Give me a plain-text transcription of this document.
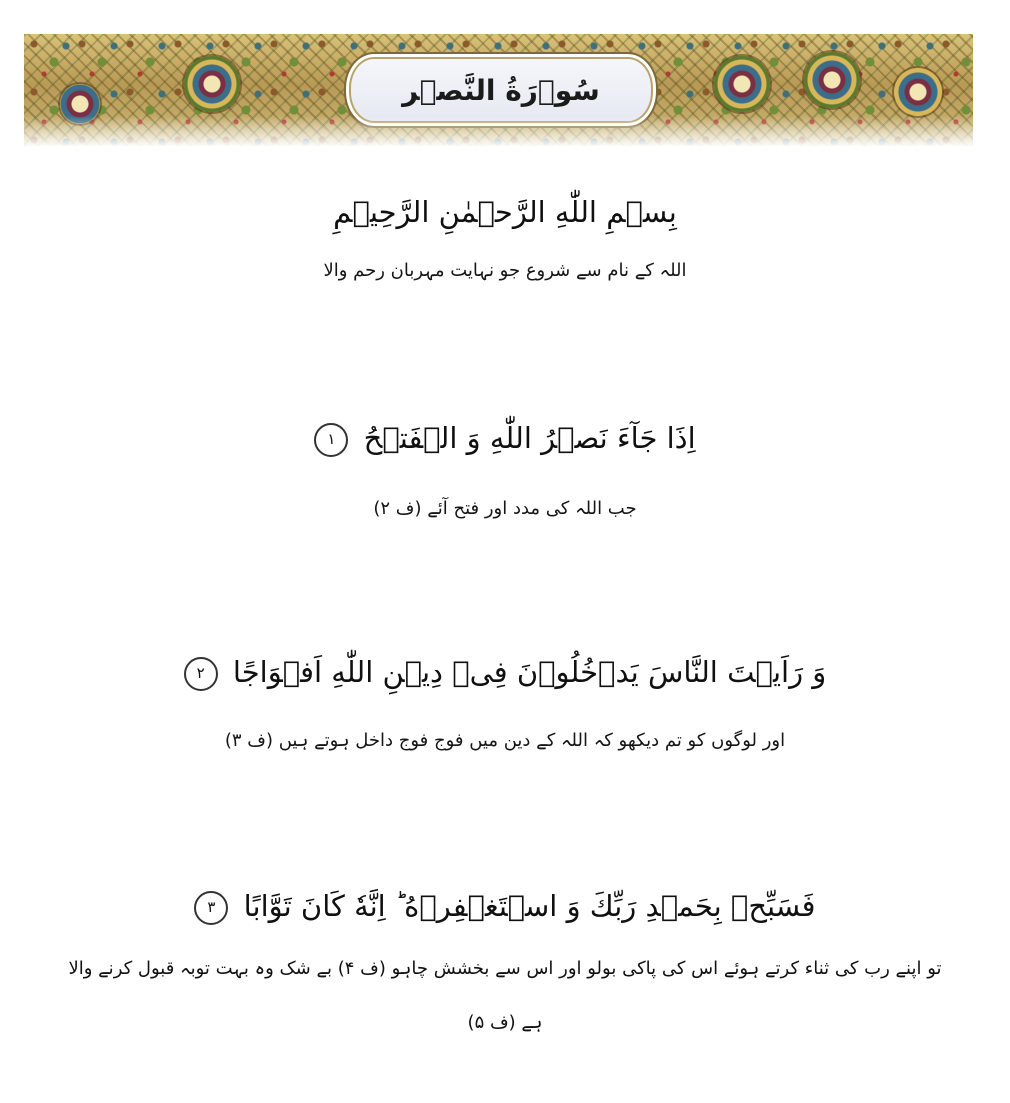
سُوۡرَةُ النَّصۡر
بِسۡمِ اللّٰهِ الرَّحۡمٰنِ الرَّحِیۡمِ
اللہ کے نام سے شروع جو نہایت مہربان رحم والا
اِذَا جَآءَ نَصۡرُ اللّٰهِ وَ الۡفَتۡحُ ۱
جب اللہ کی مدد اور فتح آئے (ف ۲)
وَ رَاَیۡتَ النَّاسَ یَدۡخُلُوۡنَ فِیۡ دِیۡنِ اللّٰهِ اَفۡوَاجًا ۲
اور لوگوں کو تم دیکھو کہ اللہ کے دین میں فوج فوج داخل ہوتے ہیں (ف ۳)
فَسَبِّحۡ بِحَمۡدِ رَبِّكَ وَ اسۡتَغۡفِرۡهُ ؕ اِنَّهٗ كَانَ تَوَّابًا ۳
تو اپنے رب کی ثناء کرتے ہوئے اس کی پاکی بولو اور اس سے بخشش چاہو (ف ۴) بے شک وہ بہت توبہ قبول کرنے والا
ہے (ف ۵)
